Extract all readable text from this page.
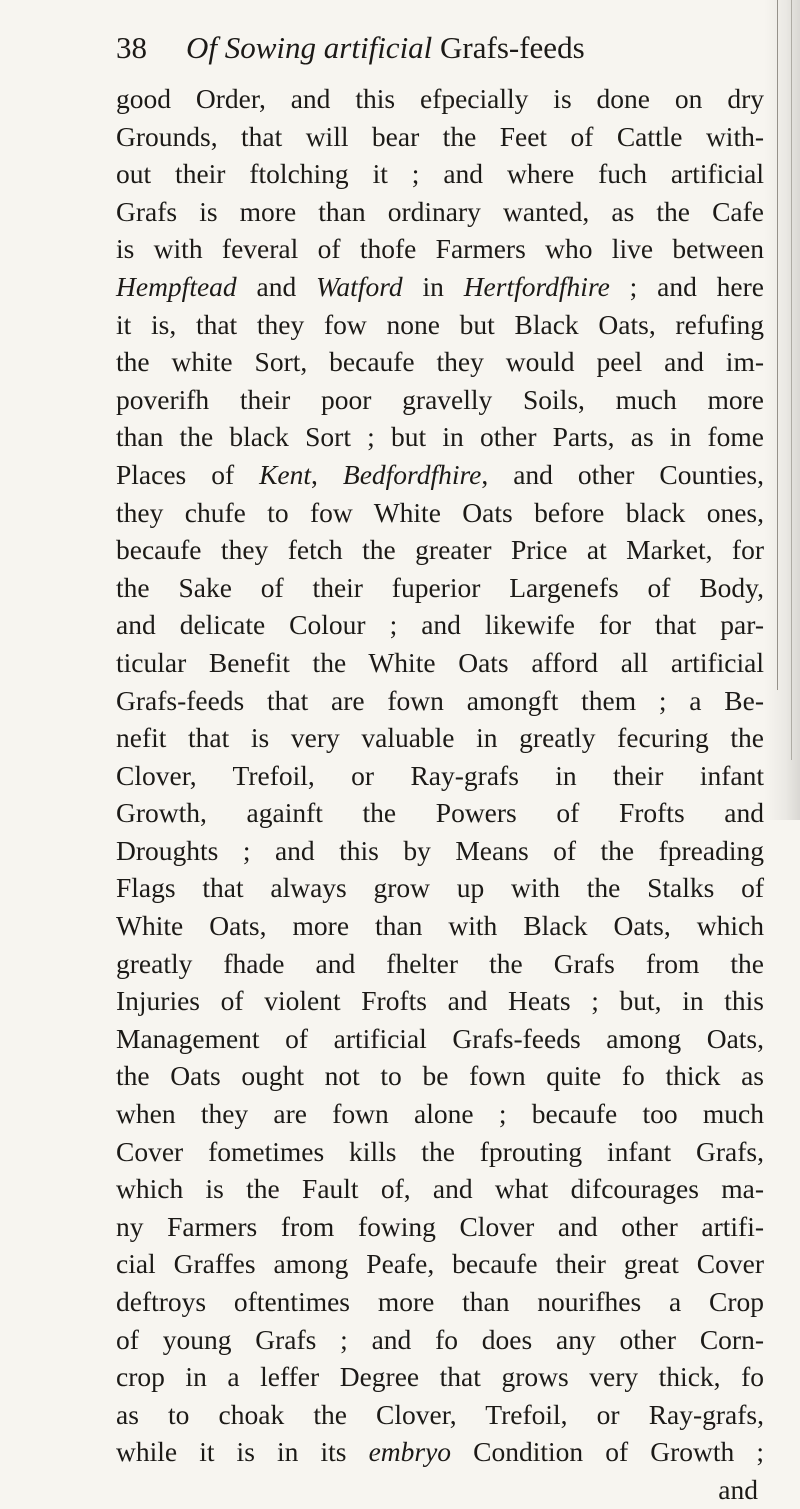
38 Of Sowing artificial Grafs-feeds
good Order, and this efpecially is done on dry
Grounds, that will bear the Feet of Cattle with-
out their ftolching it ; and where fuch artificial
Grafs is more than ordinary wanted, as the Cafe
is with feveral of thofe Farmers who live between
Hempftead and Watford in Hertfordfhire ; and here
it is, that they fow none but Black Oats, refufing
the white Sort, becaufe they would peel and im-
poverifh their poor gravelly Soils, much more
than the black Sort ; but in other Parts, as in fome
Places of Kent, Bedfordfhire, and other Counties,
they chufe to fow White Oats before black ones,
becaufe they fetch the greater Price at Market, for
the Sake of their fuperior Largenefs of Body,
and delicate Colour ; and likewife for that par-
ticular Benefit the White Oats afford all artificial
Grafs-feeds that are fown amongft them ; a Be-
nefit that is very valuable in greatly fecuring the
Clover, Trefoil, or Ray-grafs in their infant
Growth, againft the Powers of Frofts and
Droughts ; and this by Means of the fpreading
Flags that always grow up with the Stalks of
White Oats, more than with Black Oats, which
greatly fhade and fhelter the Grafs from the
Injuries of violent Frofts and Heats ; but, in this
Management of artificial Grafs-feeds among Oats,
the Oats ought not to be fown quite fo thick as
when they are fown alone ; becaufe too much
Cover fometimes kills the fprouting infant Grafs,
which is the Fault of, and what difcourages ma-
ny Farmers from fowing Clover and other artifi-
cial Graffes among Peafe, becaufe their great Cover
deftroys oftentimes more than nourifhes a Crop
of young Grafs ; and fo does any other Corn-
crop in a leffer Degree that grows very thick, fo
as to choak the Clover, Trefoil, or Ray-grafs,
while it is in its embryo Condition of Growth ;
and
